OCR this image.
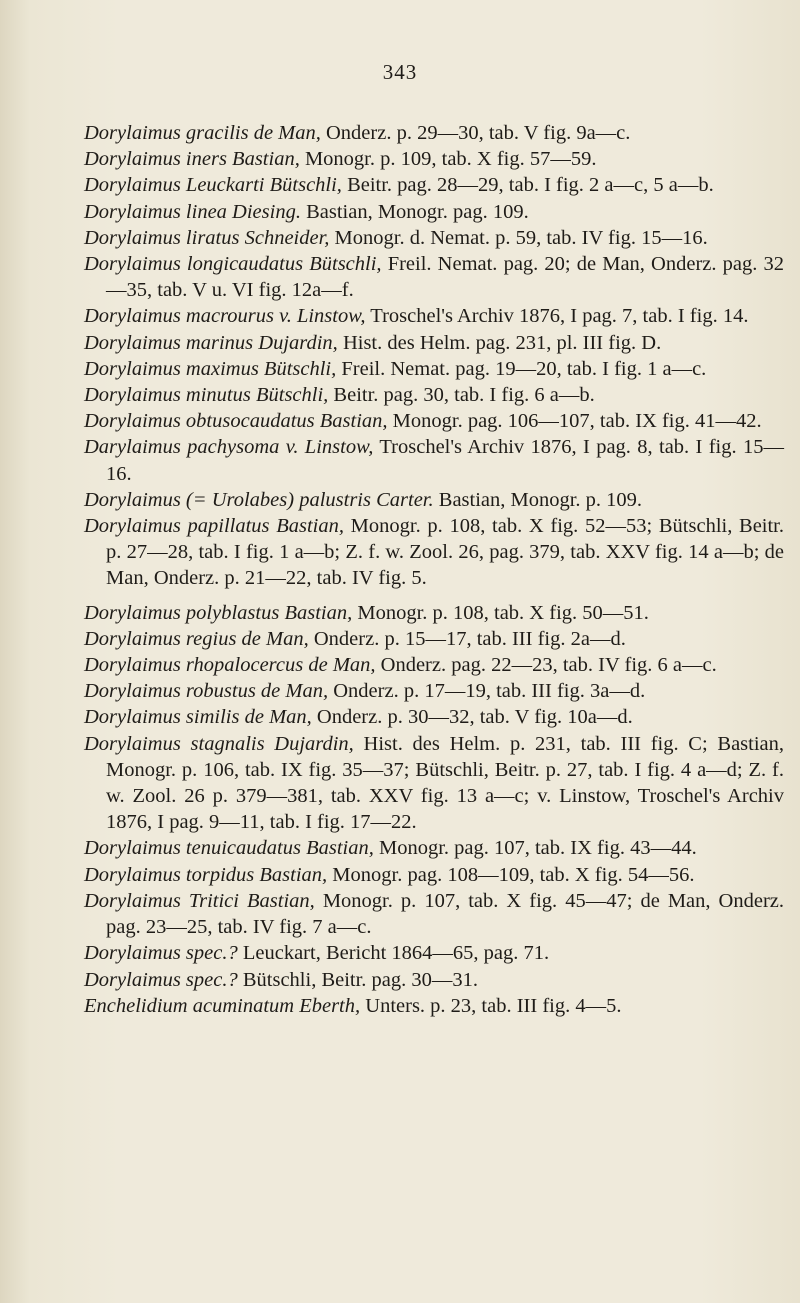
343

Dorylaimus gracilis de Man, Onderz. p. 29—30, tab. V fig. 9a—c.

Dorylaimus iners Bastian, Monogr. p. 109, tab. X fig. 57—59.

Dorylaimus Leuckarti Bütschli, Beitr. pag. 28—29, tab. I fig. 2 a—c, 5 a—b.

Dorylaimus linea Diesing. Bastian, Monogr. pag. 109.

Dorylaimus liratus Schneider, Monogr. d. Nemat. p. 59, tab. IV fig. 15—16.

Dorylaimus longicaudatus Bütschli, Freil. Nemat. pag. 20; de Man, Onderz. pag. 32—35, tab. V u. VI fig. 12a—f.

Dorylaimus macrourus v. Linstow, Troschel's Archiv 1876, I pag. 7, tab. I fig. 14.

Dorylaimus marinus Dujardin, Hist. des Helm. pag. 231, pl. III fig. D.

Dorylaimus maximus Bütschli, Freil. Nemat. pag. 19—20, tab. I fig. 1 a—c.

Dorylaimus minutus Bütschli, Beitr. pag. 30, tab. I fig. 6 a—b.

Dorylaimus obtusocaudatus Bastian, Monogr. pag. 106—107, tab. IX fig. 41—42.

Darylaimus pachysoma v. Linstow, Troschel's Archiv 1876, I pag. 8, tab. I fig. 15—16.

Dorylaimus (= Urolabes) palustris Carter. Bastian, Monogr. p. 109.

Dorylaimus papillatus Bastian, Monogr. p. 108, tab. X fig. 52—53; Bütschli, Beitr. p. 27—28, tab. I fig. 1 a—b; Z. f. w. Zool. 26, pag. 379, tab. XXV fig. 14 a—b; de Man, Onderz. p. 21—22, tab. IV fig. 5.

Dorylaimus polyblastus Bastian, Monogr. p. 108, tab. X fig. 50—51.

Dorylaimus regius de Man, Onderz. p. 15—17, tab. III fig. 2a—d.

Dorylaimus rhopalocercus de Man, Onderz. pag. 22—23, tab. IV fig. 6 a—c.

Dorylaimus robustus de Man, Onderz. p. 17—19, tab. III fig. 3a—d.

Dorylaimus similis de Man, Onderz. p. 30—32, tab. V fig. 10a—d.

Dorylaimus stagnalis Dujardin, Hist. des Helm. p. 231, tab. III fig. C; Bastian, Monogr. p. 106, tab. IX fig. 35—37; Bütschli, Beitr. p. 27, tab. I fig. 4 a—d; Z. f. w. Zool. 26 p. 379—381, tab. XXV fig. 13 a—c; v. Linstow, Troschel's Archiv 1876, I pag. 9—11, tab. I fig. 17—22.

Dorylaimus tenuicaudatus Bastian, Monogr. pag. 107, tab. IX fig. 43—44.

Dorylaimus torpidus Bastian, Monogr. pag. 108—109, tab. X fig. 54—56.

Dorylaimus Tritici Bastian, Monogr. p. 107, tab. X fig. 45—47; de Man, Onderz. pag. 23—25, tab. IV fig. 7 a—c.

Dorylaimus spec.? Leuckart, Bericht 1864—65, pag. 71.

Dorylaimus spec.? Bütschli, Beitr. pag. 30—31.

Enchelidium acuminatum Eberth, Unters. p. 23, tab. III fig. 4—5.
